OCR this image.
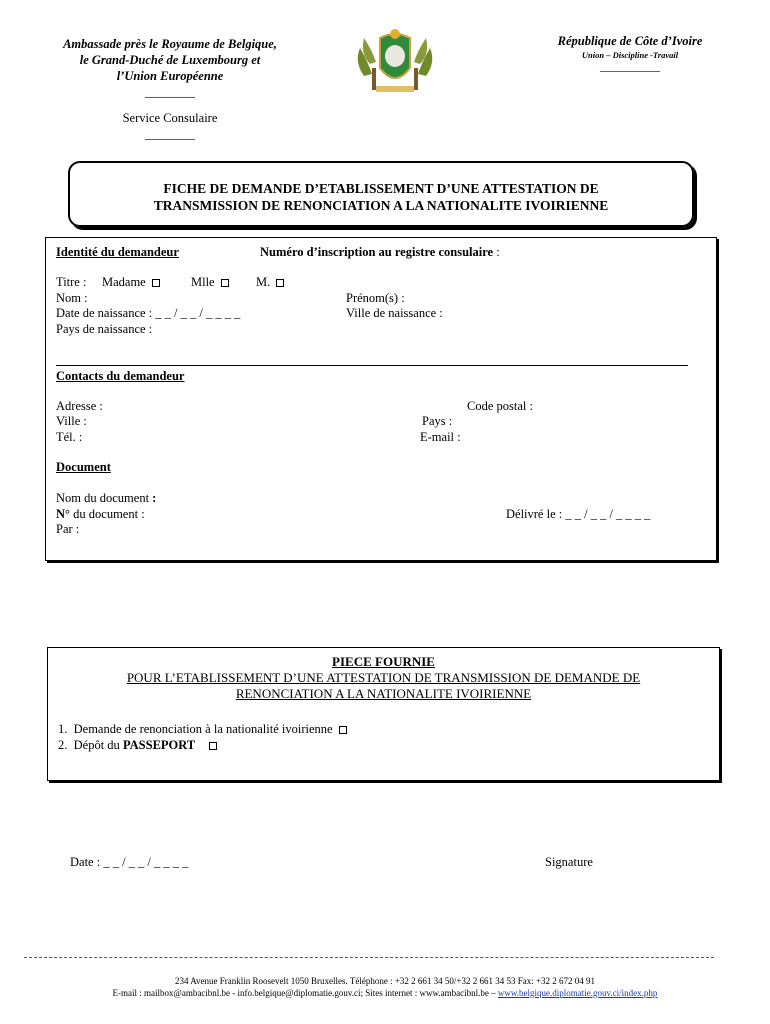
Ambassade près le Royaume de Belgique,
le Grand-Duché de Luxembourg et
l’Union Européenne
________
Service Consulaire
________
République de Côte d’Ivoire
Union – Discipline -Travail
__________
FICHE DE DEMANDE D’ETABLISSEMENT D’UNE ATTESTATION DE
TRANSMISSION DE RENONCIATION A LA NATIONALITE IVOIRIENNE
Identité du demandeur	Numéro d’inscription au registre consulaire :
Titre : Madame	Mlle	M.
Nom :	Prénom(s) :
Date de naissance : _ _ / _ _ / _ _ _ _	Ville de naissance :
Pays de naissance :
Contacts du demandeur
Adresse :	Code postal :
Ville :	Pays :
Tél. :	E-mail :
Document
Nom du document :
N° du document :	Délivré le : _ _ / _ _ / _ _ _ _
Par :
PIECE FOURNIE
POUR L’ETABLISSEMENT D’UNE ATTESTATION DE TRANSMISSION DE DEMANDE DE
RENONCIATION A LA NATIONALITE IVOIRIENNE
1. Demande de renonciation à la nationalité ivoirienne
2. Dépôt du PASSEPORT
Date : _ _ / _ _ / _ _ _ _	Signature
234 Avenue Franklin Roosevelt 1050 Bruxelles. Téléphone : +32 2 661 34 50/+32 2 661 34 53 Fax: +32 2 672 04 91
E-mail : mailbox@ambacibnl.be - info.belgique@diplomatie.gouv.ci; Sites internet : www.ambacibnl.be – www.belgique.diplomatie.gouv.ci/index.php
